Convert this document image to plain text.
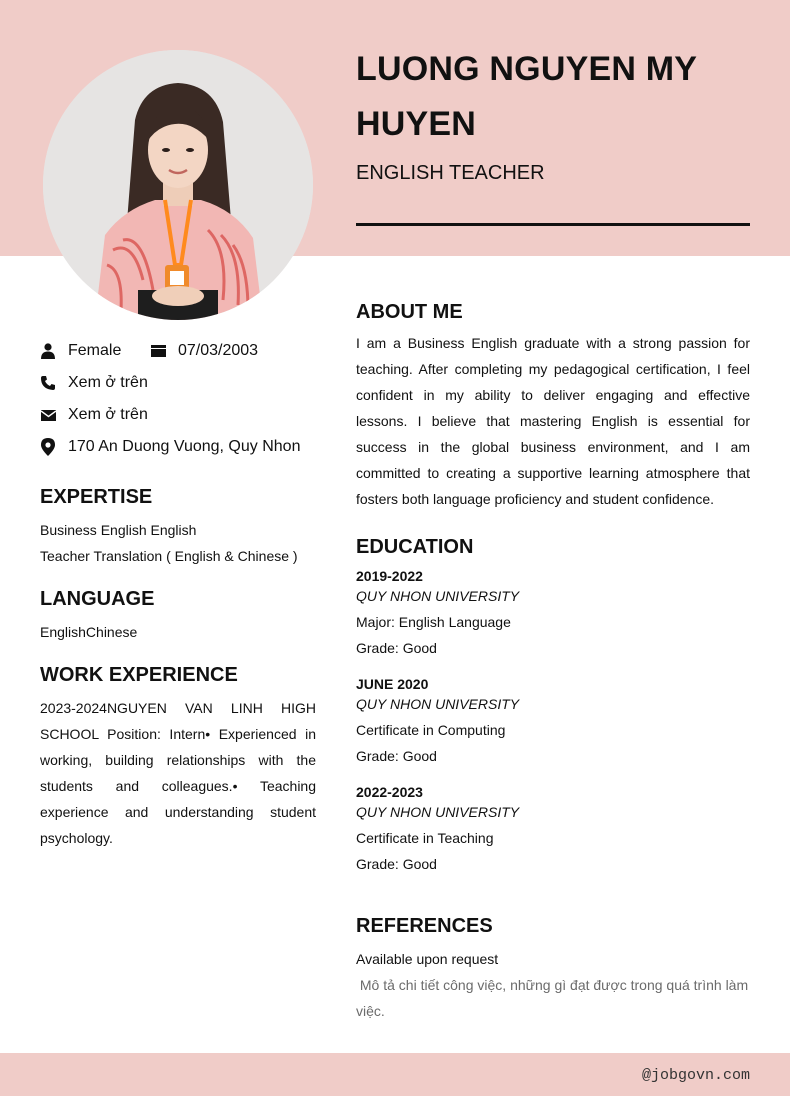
LUONG NGUYEN MY HUYEN
ENGLISH TEACHER
Female	07/03/2003
Xem ở trên
Xem ở trên
170 An Duong Vuong, Quy Nhon
EXPERTISE
Business English English
Teacher Translation ( English & Chinese )
LANGUAGE
EnglishChinese
WORK EXPERIENCE
2023-2024NGUYEN VAN LINH HIGH SCHOOL Position: Intern• Experienced in working, building relationships with the students and colleagues.• Teaching experience and understanding student psychology.
ABOUT ME
I am a Business English graduate with a strong passion for teaching. After completing my pedagogical certification, I feel confident in my ability to deliver engaging and effective lessons. I believe that mastering English is essential for success in the global business environment, and I am committed to creating a supportive learning atmosphere that fosters both language proficiency and student confidence.
EDUCATION
2019-2022
QUY NHON UNIVERSITY
Major: English Language
Grade: Good
JUNE 2020
QUY NHON UNIVERSITY
Certificate in Computing
Grade: Good
2022-2023
QUY NHON UNIVERSITY
Certificate in Teaching
Grade: Good
REFERENCES
Available upon request
Mô tả chi tiết công việc, những gì đạt được trong quá trình làm việc.
@jobgovn.com
